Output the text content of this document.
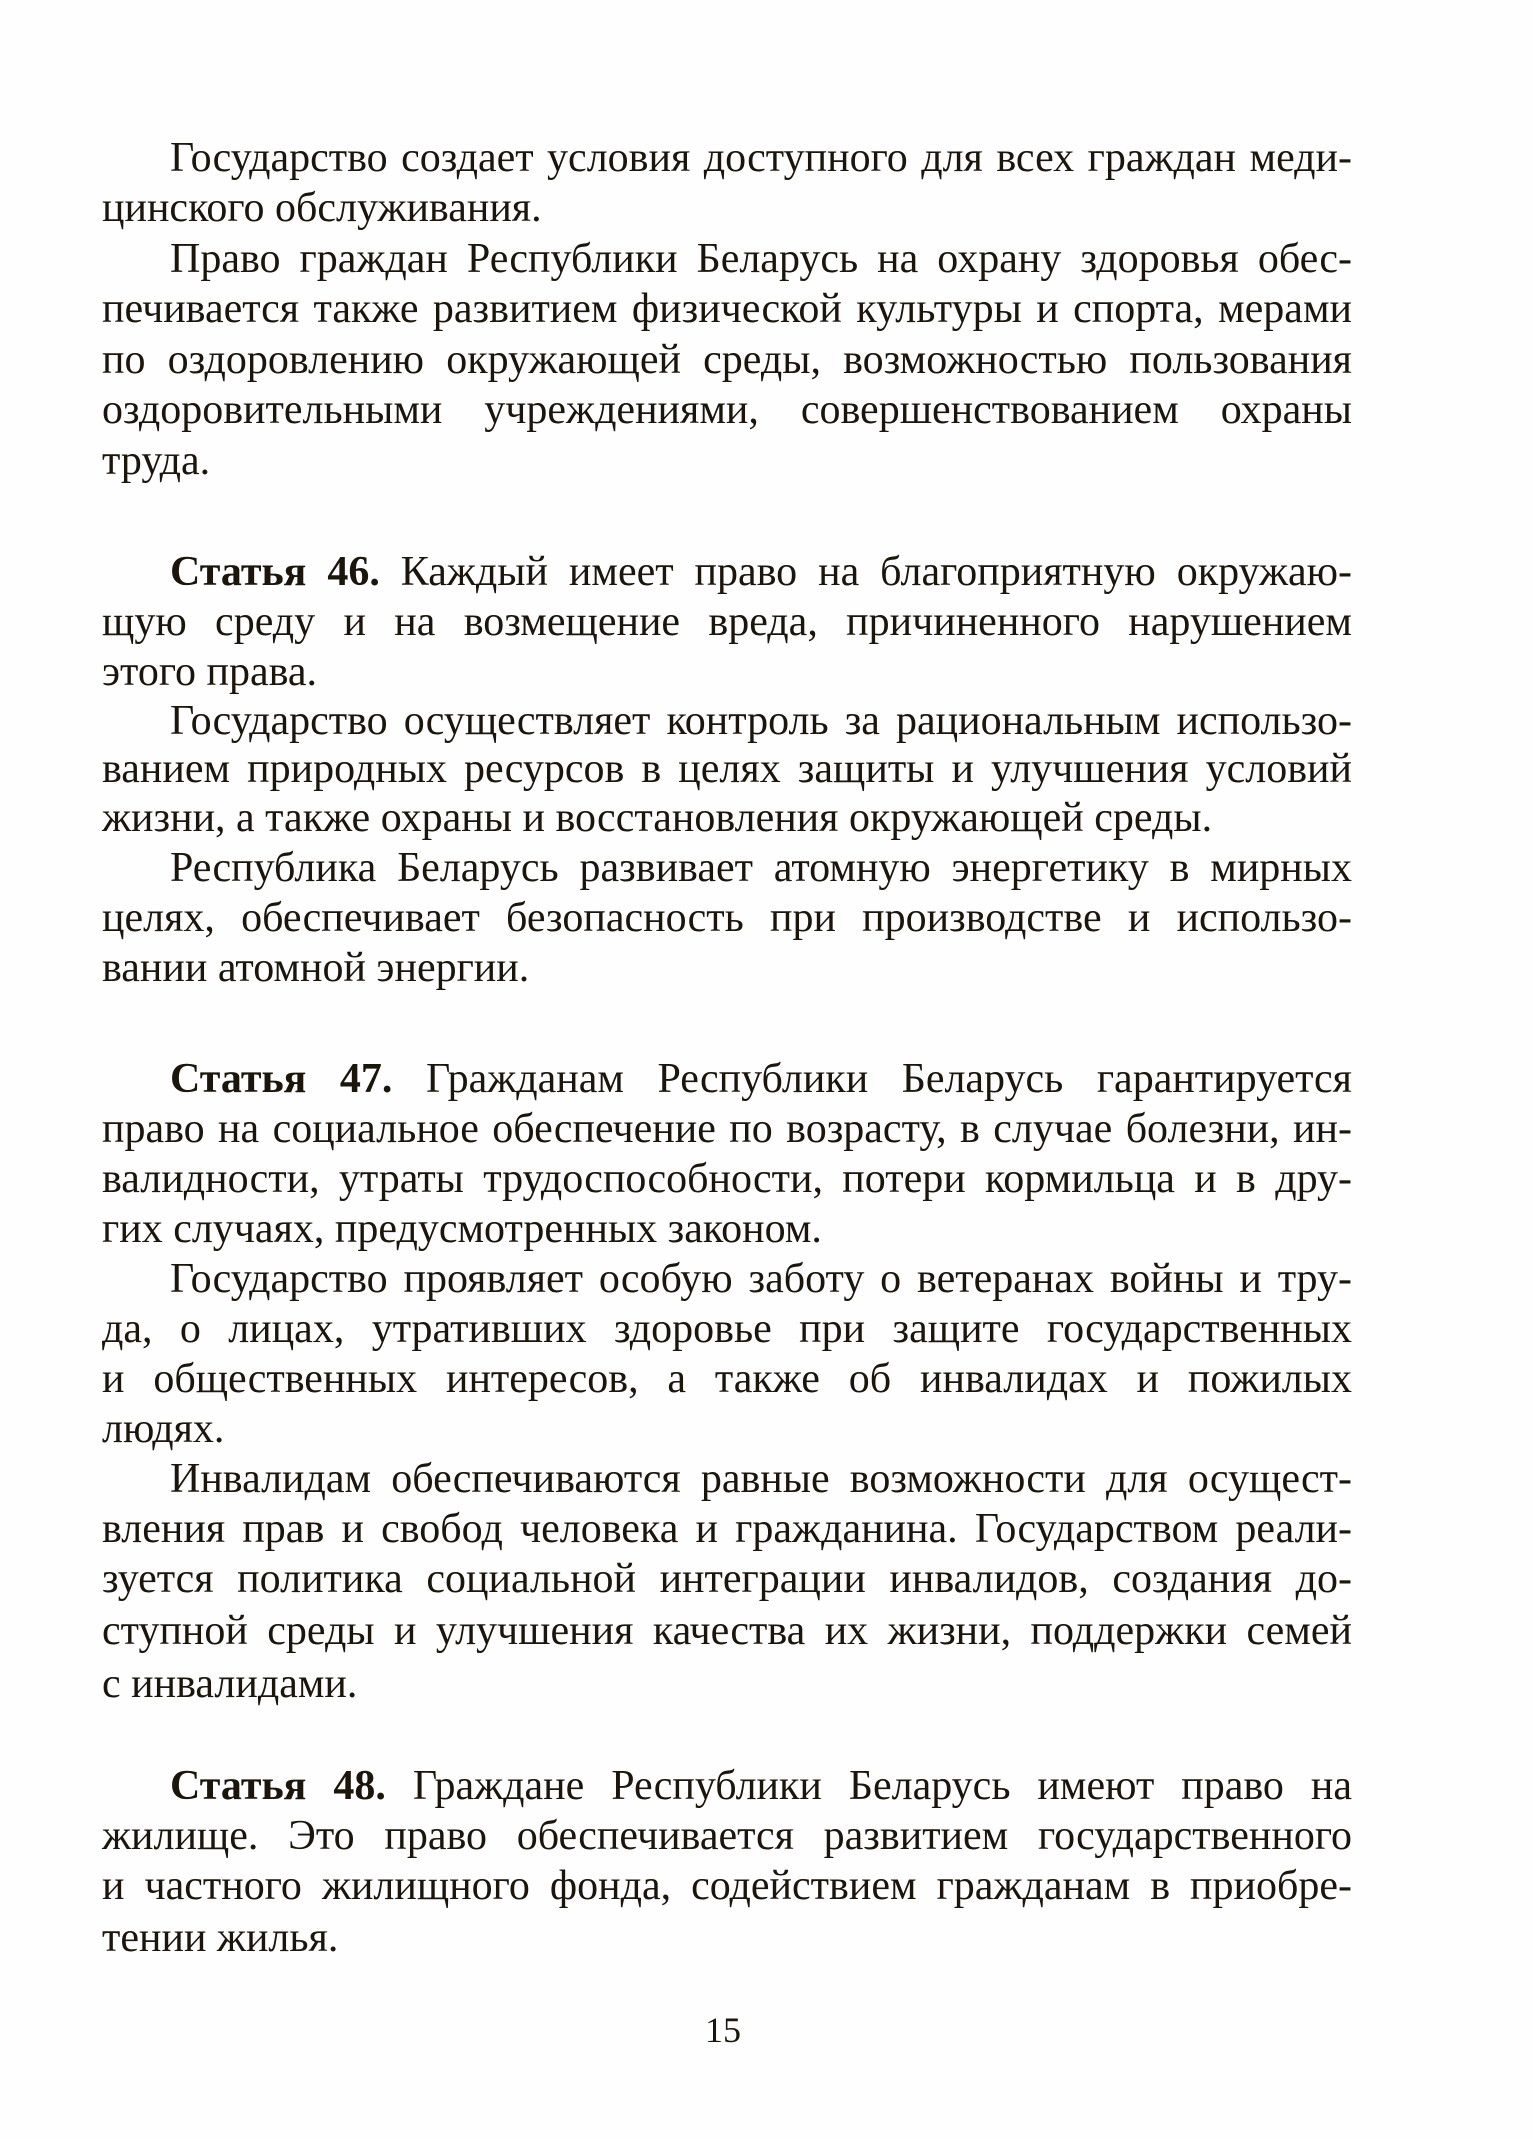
Государство создает условия доступного для всех граждан меди-
цинского обслуживания.
Право граждан Республики Беларусь на охрану здоровья обес-
печивается также развитием физической культуры и спорта, мерами
по оздоровлению окружающей среды, возможностью пользования
оздоровительными учреждениями, совершенствованием охраны
труда.
Статья 46. Каждый имеет право на благоприятную окружаю-
щую среду и на возмещение вреда, причиненного нарушением
этого права.
Государство осуществляет контроль за рациональным использо-
ванием природных ресурсов в целях защиты и улучшения условий
жизни, а также охраны и восстановления окружающей среды.
Республика Беларусь развивает атомную энергетику в мирных
целях, обеспечивает безопасность при производстве и использо-
вании атомной энергии.
Статья 47. Гражданам Республики Беларусь гарантируется
право на социальное обеспечение по возрасту, в случае болезни, ин-
валидности, утраты трудоспособности, потери кормильца и в дру-
гих случаях, предусмотренных законом.
Государство проявляет особую заботу о ветеранах войны и тру-
да, о лицах, утративших здоровье при защите государственных
и общественных интересов, а также об инвалидах и пожилых
людях.
Инвалидам обеспечиваются равные возможности для осущест-
вления прав и свобод человека и гражданина. Государством реали-
зуется политика социальной интеграции инвалидов, создания до-
ступной среды и улучшения качества их жизни, поддержки семей
с инвалидами.
Статья 48. Граждане Республики Беларусь имеют право на
жилище. Это право обеспечивается развитием государственного
и частного жилищного фонда, содействием гражданам в приобре-
тении жилья.
15
